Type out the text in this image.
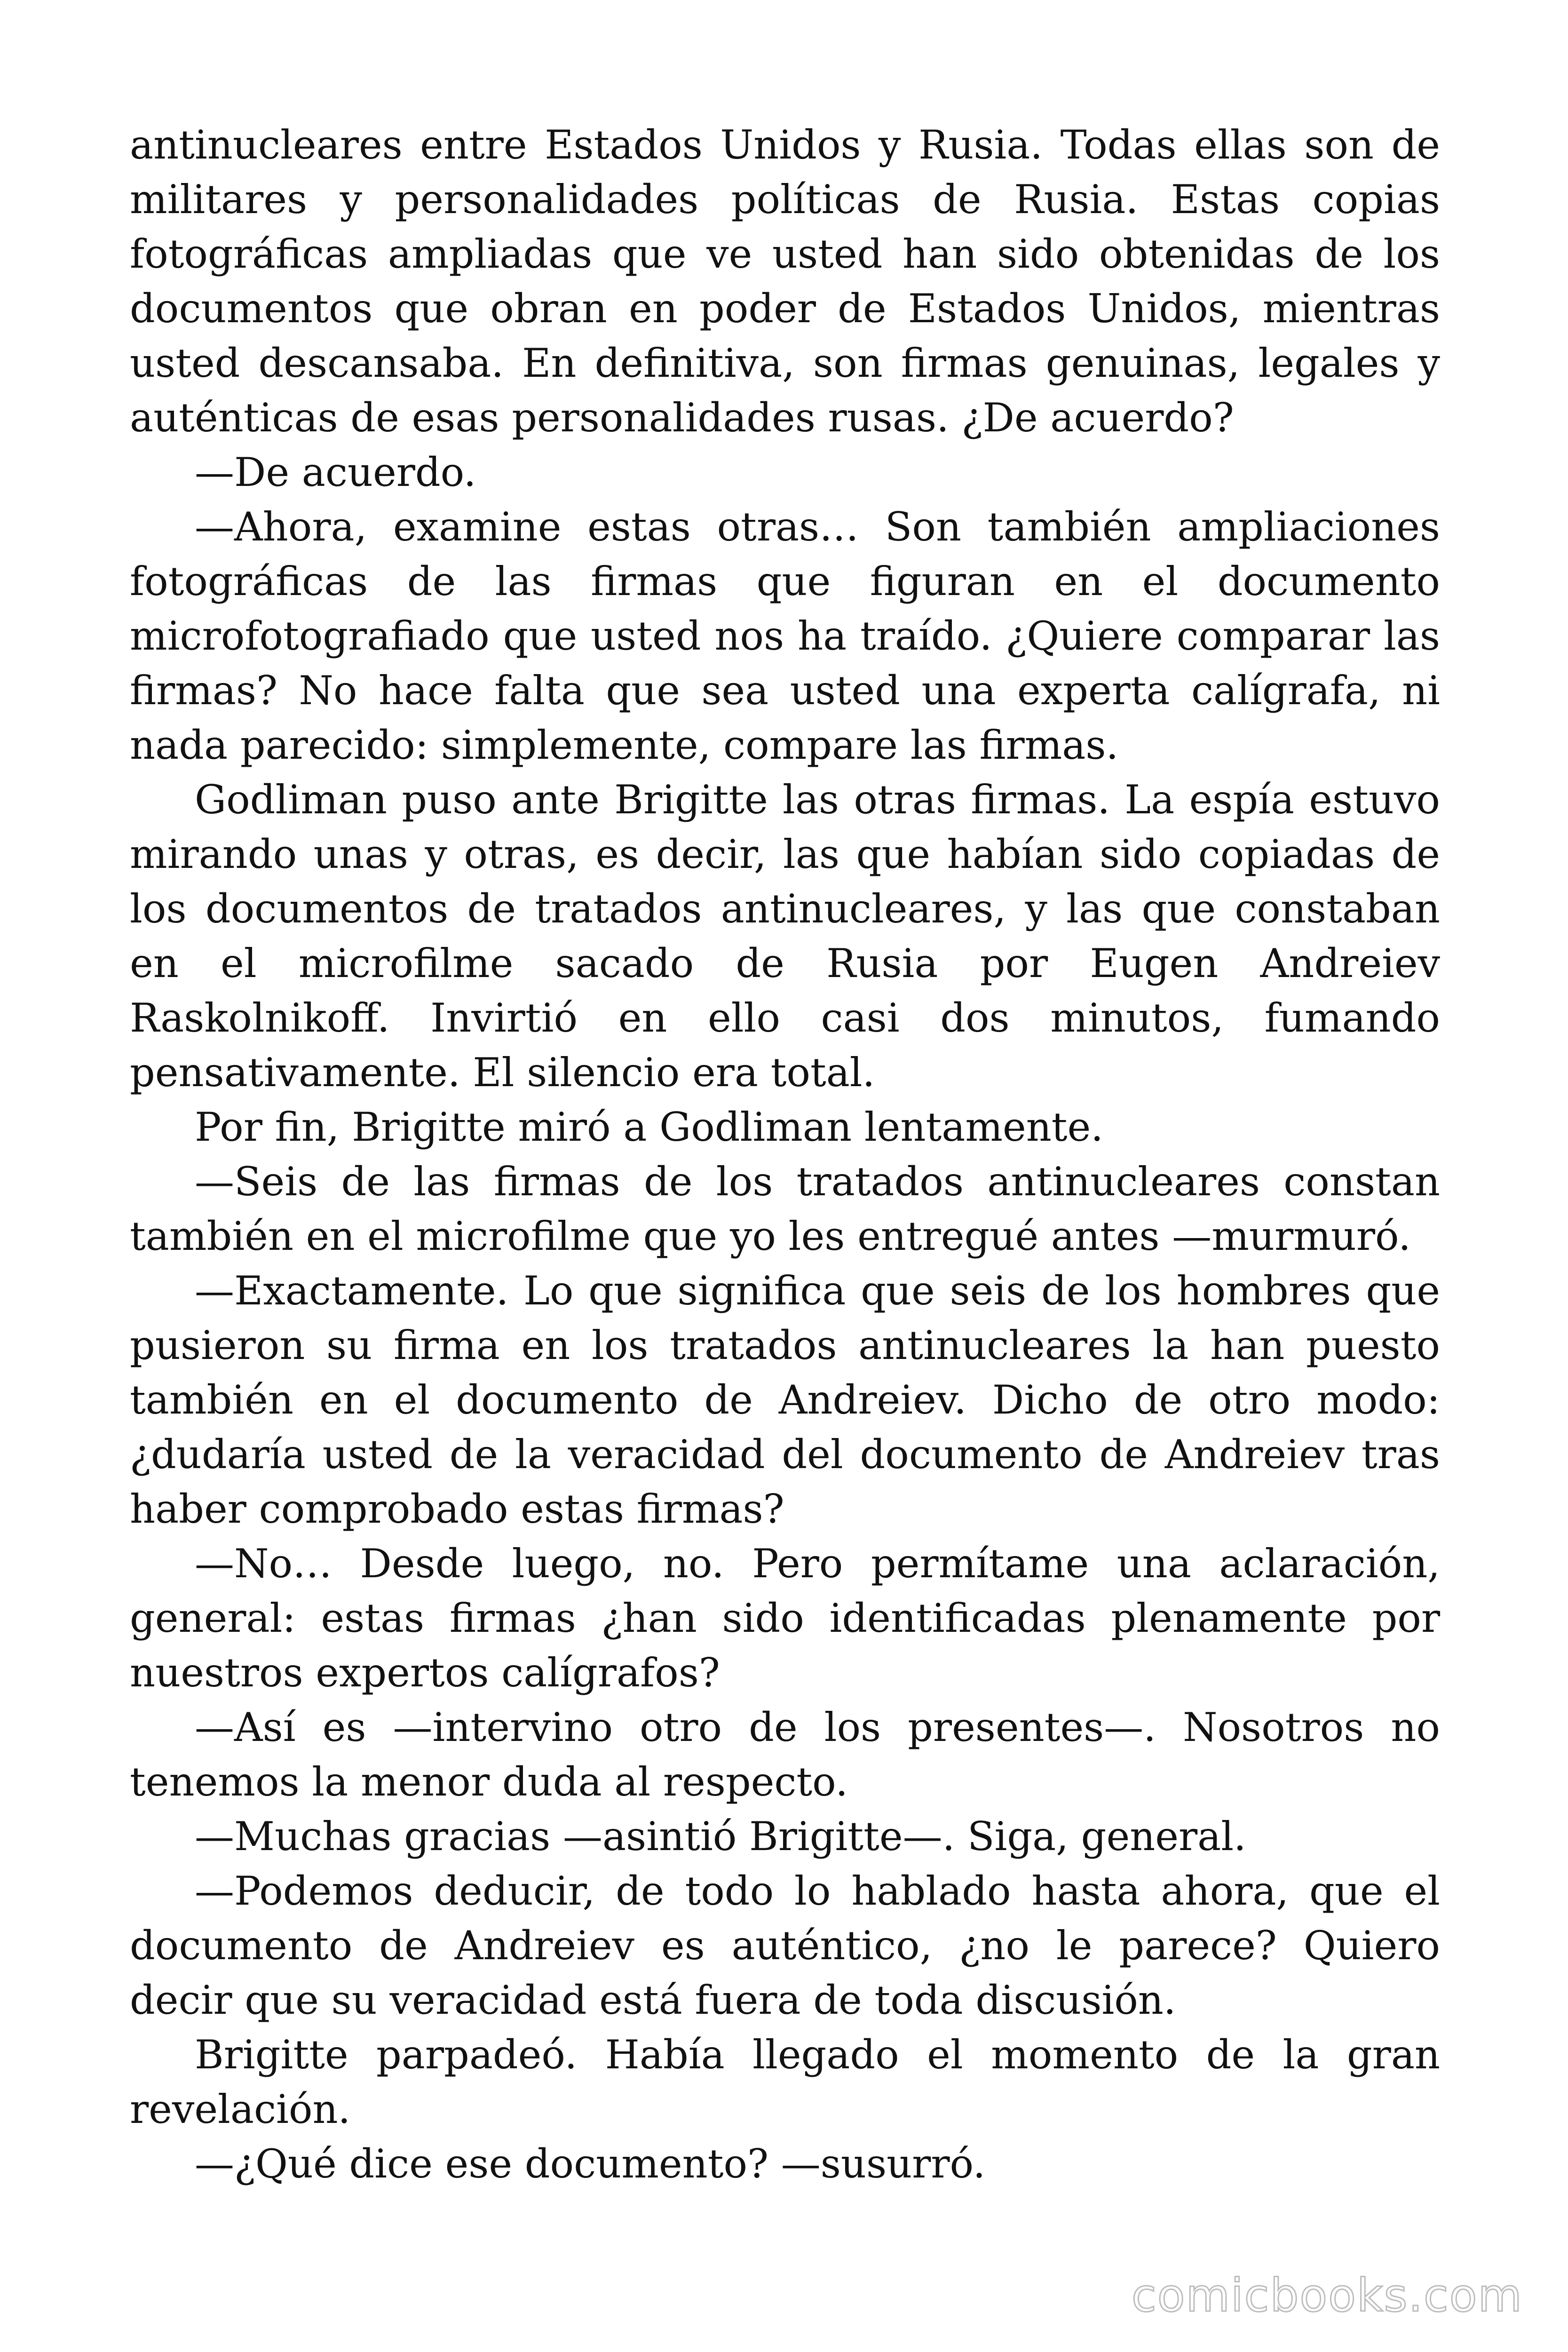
antinucleares entre Estados Unidos y Rusia. Todas ellas son de militares y personalidades políticas de Rusia. Estas copias fotográficas ampliadas que ve usted han sido obtenidas de los documentos que obran en poder de Estados Unidos, mientras usted descansaba. En definitiva, son firmas genuinas, legales y auténticas de esas personalidades rusas. ¿De acuerdo?

—De acuerdo.

—Ahora, examine estas otras… Son también ampliaciones fotográficas de las firmas que figuran en el documento microfotografiado que usted nos ha traído. ¿Quiere comparar las firmas? No hace falta que sea usted una experta calígrafa, ni nada parecido: simplemente, compare las firmas.

Godliman puso ante Brigitte las otras firmas. La espía estuvo mirando unas y otras, es decir, las que habían sido copiadas de los documentos de tratados antinucleares, y las que constaban en el microfilme sacado de Rusia por Eugen Andreiev Raskolnikoff. Invirtió en ello casi dos minutos, fumando pensativamente. El silencio era total.

Por fin, Brigitte miró a Godliman lentamente.

—Seis de las firmas de los tratados antinucleares constan también en el microfilme que yo les entregué antes —murmuró.

—Exactamente. Lo que significa que seis de los hombres que pusieron su firma en los tratados antinucleares la han puesto también en el documento de Andreiev. Dicho de otro modo: ¿dudaría usted de la veracidad del documento de Andreiev tras haber comprobado estas firmas?

—No… Desde luego, no. Pero permítame una aclaración, general: estas firmas ¿han sido identificadas plenamente por nuestros expertos calígrafos?

—Así es —intervino otro de los presentes—. Nosotros no tenemos la menor duda al respecto.

—Muchas gracias —asintió Brigitte—. Siga, general.

—Podemos deducir, de todo lo hablado hasta ahora, que el documento de Andreiev es auténtico, ¿no le parece? Quiero decir que su veracidad está fuera de toda discusión.

Brigitte parpadeó. Había llegado el momento de la gran revelación.

—¿Qué dice ese documento? —susurró.

comicbooks.com
